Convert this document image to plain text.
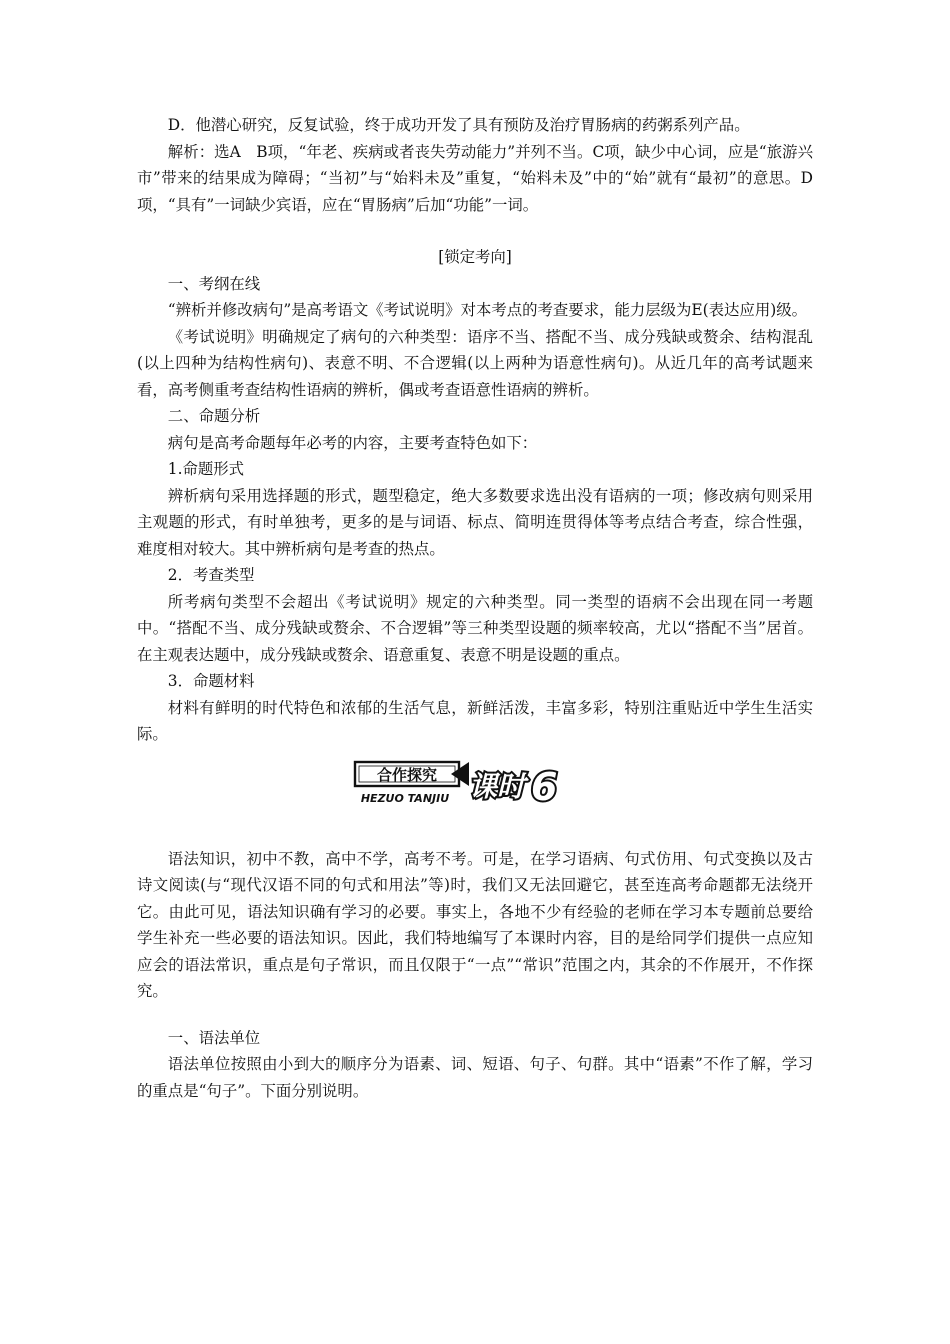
D．他潜心研究，反复试验，终于成功开发了具有预防及治疗胃肠病的药粥系列产品。

解析：选A　B项，“年老、疾病或者丧失劳动能力”并列不当。C项，缺少中心词，应是“旅游兴市”带来的结果成为障碍；“当初”与“始料未及”重复，“始料未及”中的“始”就有“最初”的意思。D项，“具有”一词缺少宾语，应在“胃肠病”后加“功能”一词。

[锁定考向]

一、考纲在线

“辨析并修改病句”是高考语文《考试说明》对本考点的考查要求，能力层级为E(表达应用)级。

《考试说明》明确规定了病句的六种类型：语序不当、搭配不当、成分残缺或赘余、结构混乱(以上四种为结构性病句)、表意不明、不合逻辑(以上两种为语意性病句)。从近几年的高考试题来看，高考侧重考查结构性语病的辨析，偶或考查语意性语病的辨析。

二、命题分析

病句是高考命题每年必考的内容，主要考查特色如下：

1.命题形式

辨析病句采用选择题的形式，题型稳定，绝大多数要求选出没有语病的一项；修改病句则采用主观题的形式，有时单独考，更多的是与词语、标点、简明连贯得体等考点结合考查，综合性强，难度相对较大。其中辨析病句是考查的热点。

2．考查类型

所考病句类型不会超出《考试说明》规定的六种类型。同一类型的语病不会出现在同一考题中。“搭配不当、成分残缺或赘余、不合逻辑”等三种类型设题的频率较高，尤以“搭配不当”居首。在主观表达题中，成分残缺或赘余、语意重复、表意不明是设题的重点。

3．命题材料

材料有鲜明的时代特色和浓郁的生活气息，新鲜活泼，丰富多彩，特别注重贴近中学生生活实际。

合作探究
HEZUO TANJIU 课时 6

语法知识，初中不教，高中不学，高考不考。可是，在学习语病、句式仿用、句式变换以及古诗文阅读(与“现代汉语不同的句式和用法”等)时，我们又无法回避它，甚至连高考命题都无法绕开它。由此可见，语法知识确有学习的必要。事实上，各地不少有经验的老师在学习本专题前总要给学生补充一些必要的语法知识。因此，我们特地编写了本课时内容，目的是给同学们提供一点应知应会的语法常识，重点是句子常识，而且仅限于“一点”“常识”范围之内，其余的不作展开，不作探究。

一、语法单位

语法单位按照由小到大的顺序分为语素、词、短语、句子、句群。其中“语素”不作了解，学习的重点是“句子”。下面分别说明。
